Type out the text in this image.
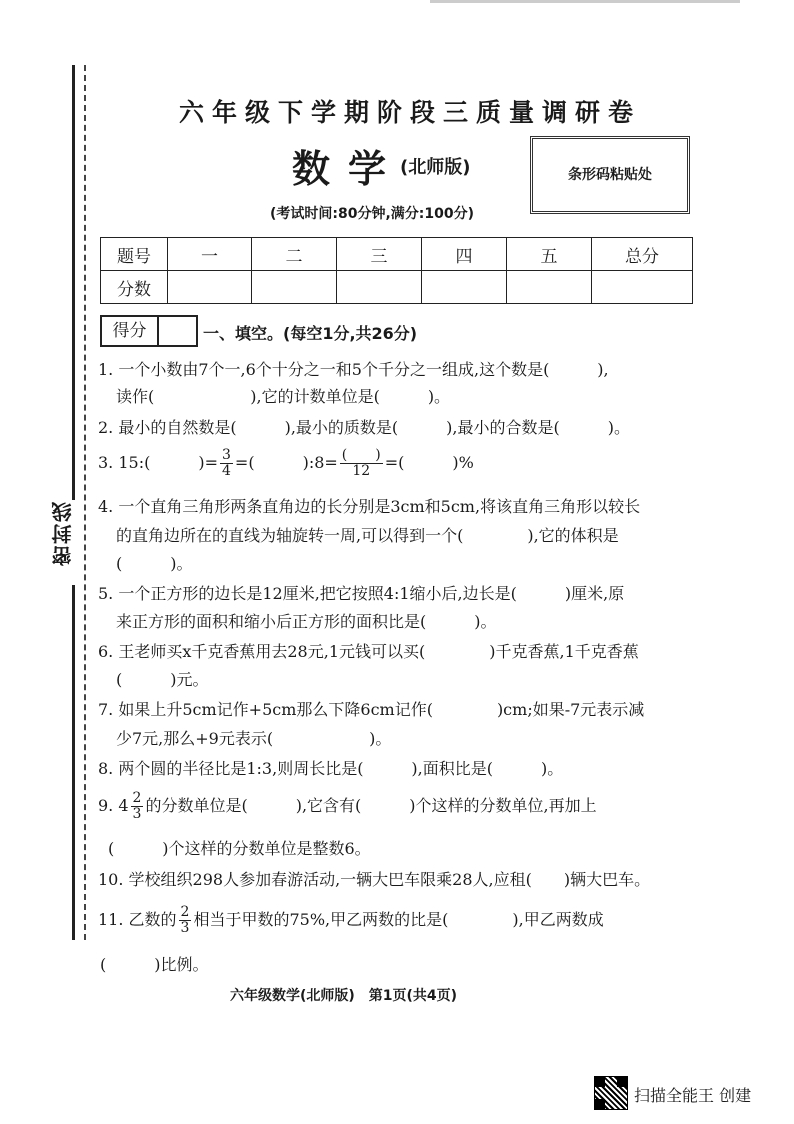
密封线
六年级下学期阶段三质量调研卷
数学
(北师版)
(考试时间:80分钟,满分:100分)
条形码粘贴处
题号	一	二	三	四	五	总分
分数						
得分	一、填空。(每空1分,共26分)
1. 一个小数由7个一,6个十分之一和5个千分之一组成,这个数是(　　　),
读作(　　　　　　),它的计数单位是(　　　)。
2. 最小的自然数是(　　　),最小的质数是(　　　),最小的合数是(　　　)。
3. 15:(　　　)= $\frac{3}{4}$ =(　　　):8= $\frac{( )}{12}$ =(　　　)%
4. 一个直角三角形两条直角边的长分别是3cm和5cm,将该直角三角形以较长
的直角边所在的直线为轴旋转一周,可以得到一个(　　　　),它的体积是
(　　　)。
5. 一个正方形的边长是12厘米,把它按照4:1缩小后,边长是(　　　)厘米,原
来正方形的面积和缩小后正方形的面积比是(　　　)。
6. 王老师买x千克香蕉用去28元,1元钱可以买(　　　　)千克香蕉,1千克香蕉
(　　　)元。
7. 如果上升5cm记作+5cm那么下降6cm记作(　　　　)cm;如果-7元表示减
少7元,那么+9元表示(　　　　　　)。
8. 两个圆的半径比是1:3,则周长比是(　　　),面积比是(　　　)。
9. $4 \frac{2}{3}$ 的分数单位是(　　　),它含有(　　　)个这样的分数单位,再加上
(　　　)个这样的分数单位是整数6。
10. 学校组织298人参加春游活动,一辆大巴车限乘28人,应租(　　)辆大巴车。
11. 乙数的 $\frac{2}{3}$ 相当于甲数的75%,甲乙两数的比是(　　　　),甲乙两数成
(　　　)比例。
六年级数学(北师版)　第1页(共4页)
扫描全能王 创建
